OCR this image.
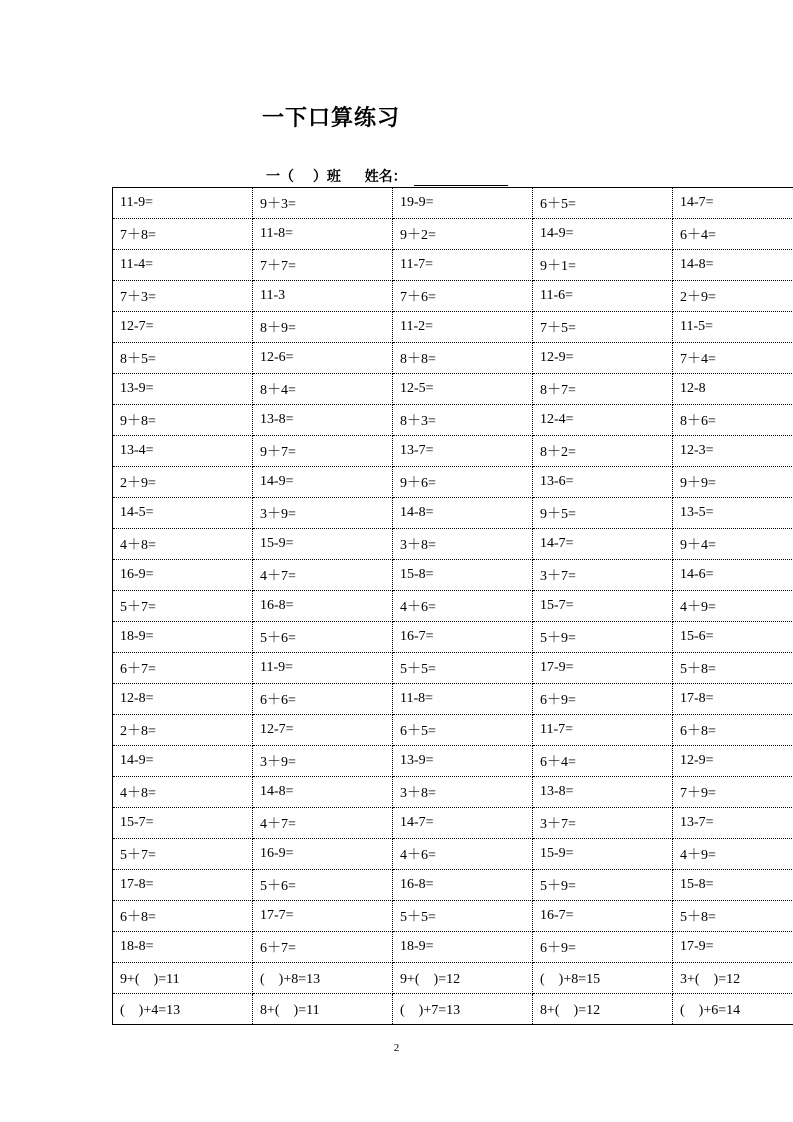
一下口算练习
一（　 ）班 姓名：
11-9=	9＋3=	19-9=	6＋5=	14-7=
7＋8=	11-8=	9＋2=	14-9=	6＋4=
11-4=	7＋7=	11-7=	9＋1=	14-8=
7＋3=	11-3	7＋6=	11-6=	2＋9=
12-7=	8＋9=	11-2=	7＋5=	11-5=
8＋5=	12-6=	8＋8=	12-9=	7＋4=
13-9=	8＋4=	12-5=	8＋7=	12-8
9＋8=	13-8=	8＋3=	12-4=	8＋6=
13-4=	9＋7=	13-7=	8＋2=	12-3=
2＋9=	14-9=	9＋6=	13-6=	9＋9=
14-5=	3＋9=	14-8=	9＋5=	13-5=
4＋8=	15-9=	3＋8=	14-7=	9＋4=
16-9=	4＋7=	15-8=	3＋7=	14-6=
5＋7=	16-8=	4＋6=	15-7=	4＋9=
18-9=	5＋6=	16-7=	5＋9=	15-6=
6＋7=	11-9=	5＋5=	17-9=	5＋8=
12-8=	6＋6=	11-8=	6＋9=	17-8=
2＋8=	12-7=	6＋5=	11-7=	6＋8=
14-9=	3＋9=	13-9=	6＋4=	12-9=
4＋8=	14-8=	3＋8=	13-8=	7＋9=
15-7=	4＋7=	14-7=	3＋7=	13-7=
5＋7=	16-9=	4＋6=	15-9=	4＋9=
17-8=	5＋6=	16-8=	5＋9=	15-8=
6＋8=	17-7=	5＋5=	16-7=	5＋8=
18-8=	6＋7=	18-9=	6＋9=	17-9=
9+(　)=11	(　)+8=13	9+(　)=12	(　)+8=15	3+(　)=12
(　)+4=13	8+(　)=11	(　)+7=13	8+(　)=12	(　)+6=14
2
